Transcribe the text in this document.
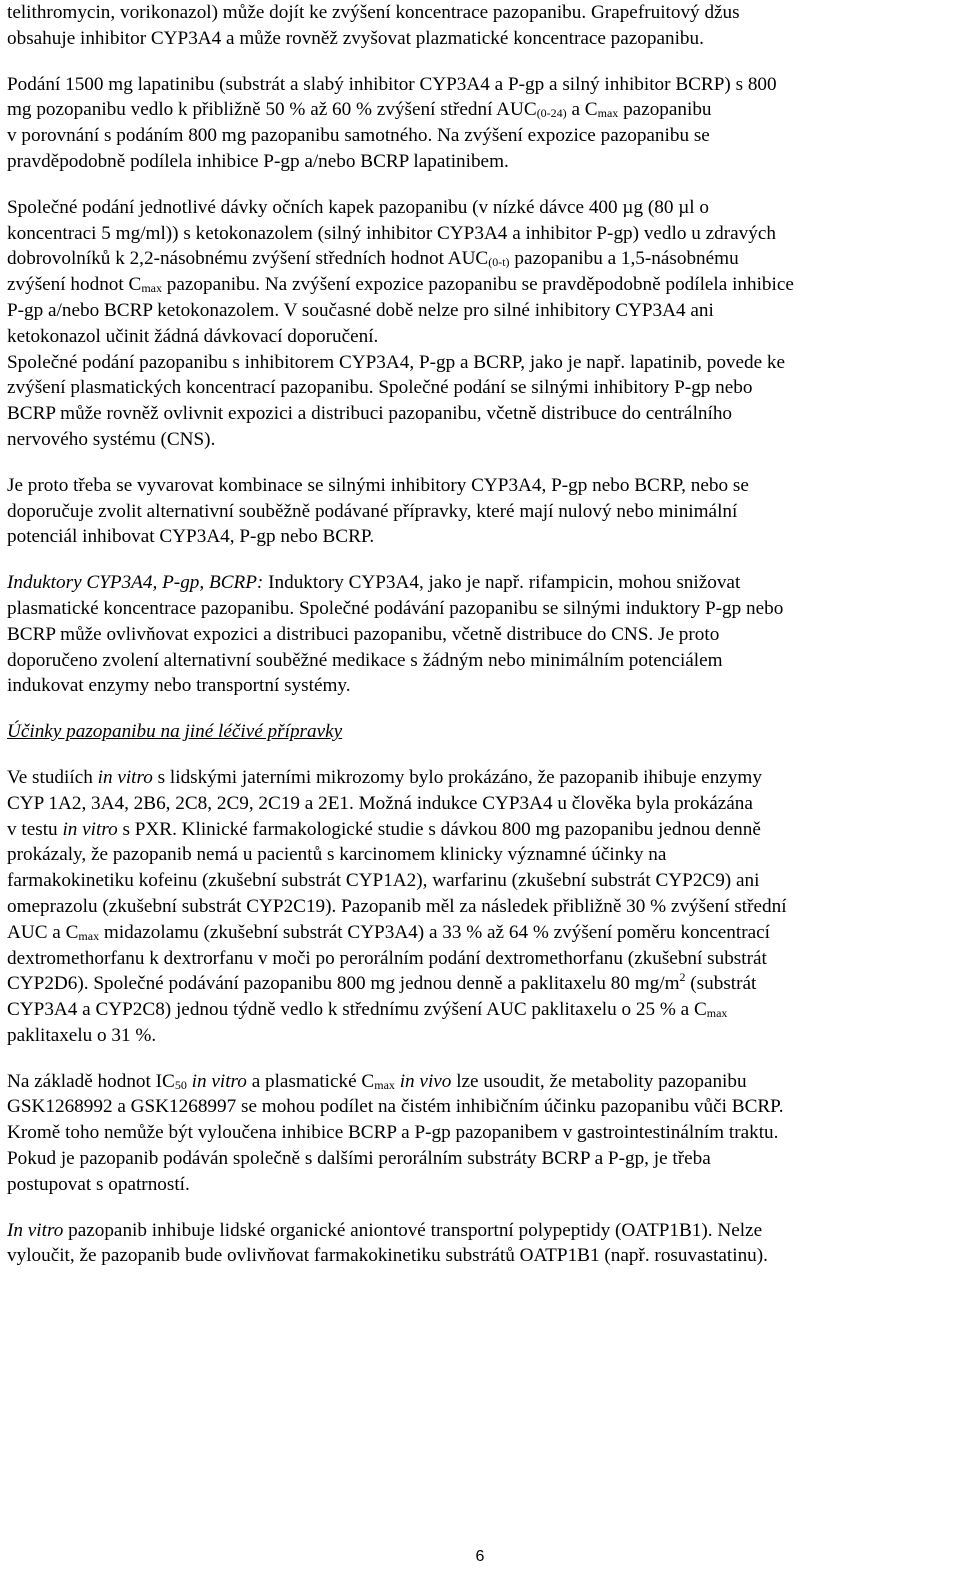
telithromycin, vorikonazol) může dojít ke zvýšení koncentrace pazopanibu. Grapefruitový džus
obsahuje inhibitor CYP3A4 a může rovněž zvyšovat plazmatické koncentrace pazopanibu.

Podání 1500 mg lapatinibu (substrát a slabý inhibitor CYP3A4 a P-gp a silný inhibitor BCRP) s 800
mg pozopanibu vedlo k přibližně 50 % až 60 % zvýšení střední $AUC_{(0-24)}$ a $C_{max}$ pazopanibu
v porovnání s podáním 800 mg pazopanibu samotného. Na zvýšení expozice pazopanibu se
pravděpodobně podílela inhibice P-gp a/nebo BCRP lapatinibem.

Společné podání jednotlivé dávky očních kapek pazopanibu (v nízké dávce 400 µg (80 µl o
koncentraci 5 mg/ml)) s ketokonazolem (silný inhibitor CYP3A4 a inhibitor P-gp) vedlo u zdravých
dobrovolníků k 2,2-násobnému zvýšení středních hodnot $AUC_{(0-t)}$ pazopanibu a 1,5-násobnému
zvýšení hodnot $C_{max}$ pazopanibu. Na zvýšení expozice pazopanibu se pravděpodobně podílela inhibice
P-gp a/nebo BCRP ketokonazolem. V současné době nelze pro silné inhibitory CYP3A4 ani
ketokonazol učinit žádná dávkovací doporučení.
Společné podání pazopanibu s inhibitorem CYP3A4, P-gp a BCRP, jako je např. lapatinib, povede ke
zvýšení plasmatických koncentrací pazopanibu. Společné podání se silnými inhibitory P-gp nebo
BCRP může rovněž ovlivnit expozici a distribuci pazopanibu, včetně distribuce do centrálního
nervového systému (CNS).

Je proto třeba se vyvarovat kombinace se silnými inhibitory CYP3A4, P-gp nebo BCRP, nebo se
doporučuje zvolit alternativní souběžně podávané přípravky, které mají nulový nebo minimální
potenciál inhibovat CYP3A4, P-gp nebo BCRP.

Induktory CYP3A4, P-gp, BCRP: Induktory CYP3A4, jako je např. rifampicin, mohou snižovat
plasmatické koncentrace pazopanibu. Společné podávání pazopanibu se silnými induktory P-gp nebo
BCRP může ovlivňovat expozici a distribuci pazopanibu, včetně distribuce do CNS. Je proto
doporučeno zvolení alternativní souběžné medikace s žádným nebo minimálním potenciálem
indukovat enzymy nebo transportní systémy.

Účinky pazopanibu na jiné léčivé přípravky

Ve studiích in vitro s lidskými jaterními mikrozomy bylo prokázáno, že pazopanib ihibuje enzymy
CYP 1A2, 3A4, 2B6, 2C8, 2C9, 2C19 a 2E1. Možná indukce CYP3A4 u člověka byla prokázána
v testu in vitro s PXR. Klinické farmakologické studie s dávkou 800 mg pazopanibu jednou denně
prokázaly, že pazopanib nemá u pacientů s karcinomem klinicky významné účinky na
farmakokinetiku kofeinu (zkušební substrát CYP1A2), warfarinu (zkušební substrát CYP2C9) ani
omeprazolu (zkušební substrát CYP2C19). Pazopanib měl za následek přibližně 30 % zvýšení střední
AUC a $C_{max}$ midazolamu (zkušební substrát CYP3A4) a 33 % až 64 % zvýšení poměru koncentrací
dextromethorfanu k dextrorfanu v moči po perorálním podání dextromethorfanu (zkušební substrát
CYP2D6). Společné podávání pazopanibu 800 mg jednou denně a paklitaxelu 80 $mg/m^2$ (substrát
CYP3A4 a CYP2C8) jednou týdně vedlo k střednímu zvýšení AUC paklitaxelu o 25 % a $C_{max}$
paklitaxelu o 31 %.

Na základě hodnot $IC_{50}$ in vitro a plasmatické $C_{max}$ in vivo lze usoudit, že metabolity pazopanibu
GSK1268992 a GSK1268997 se mohou podílet na čistém inhibičním účinku pazopanibu vůči BCRP.
Kromě toho nemůže být vyloučena inhibice BCRP a P-gp pazopanibem v gastrointestinálním traktu.
Pokud je pazopanib podáván společně s dalšími perorálním substráty BCRP a P-gp, je třeba
postupovat s opatrností.

In vitro pazopanib inhibuje lidské organické aniontové transportní polypeptidy (OATP1B1). Nelze
vyloučit, že pazopanib bude ovlivňovat farmakokinetiku substrátů OATP1B1 (např. rosuvastatinu).

6
